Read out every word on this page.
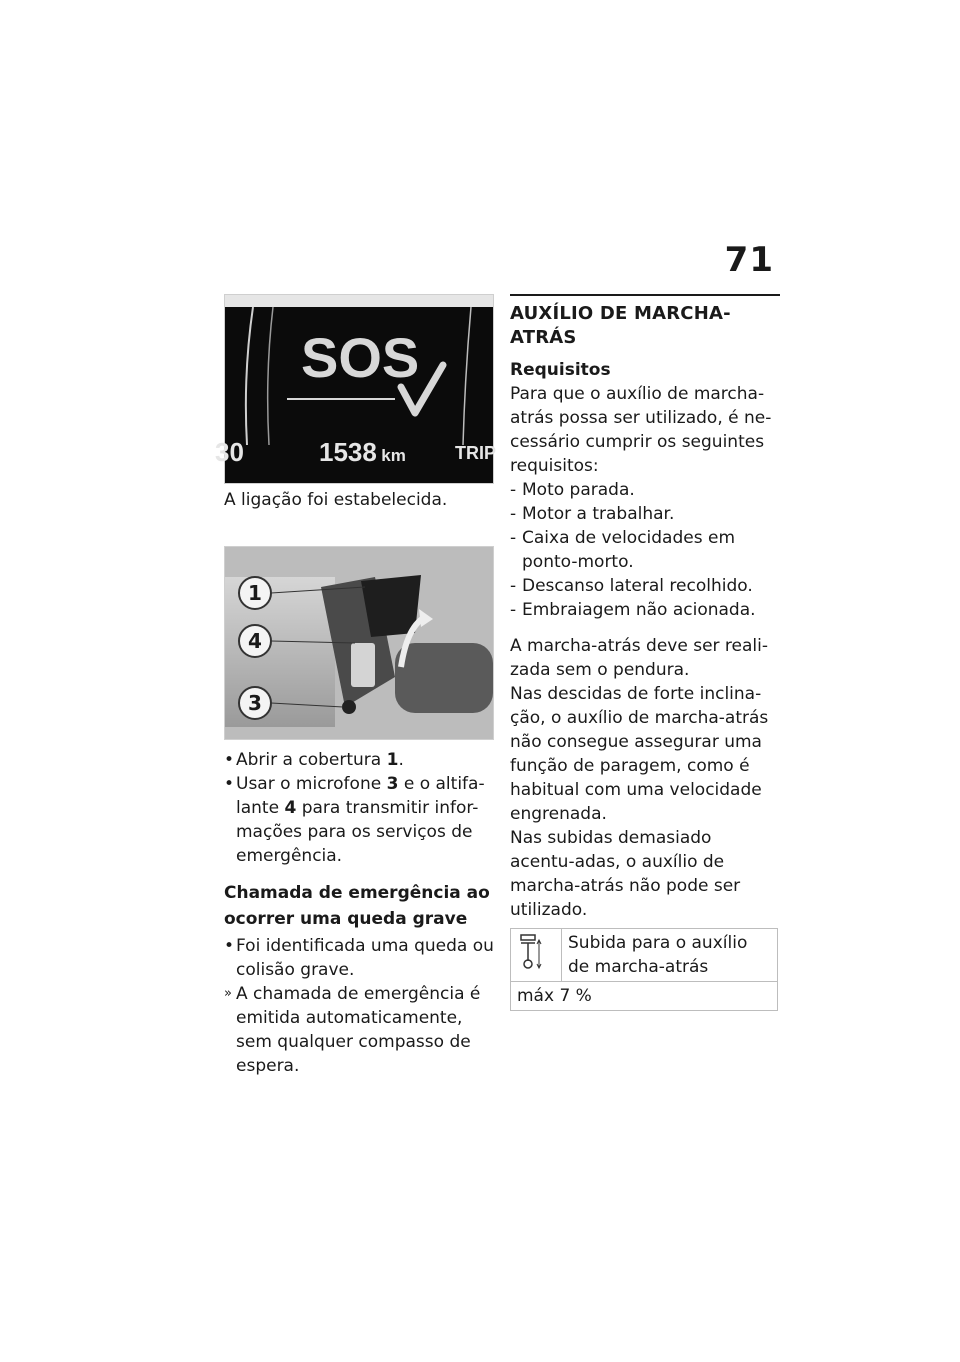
71
SOS
30	1538 km	TRIP

A ligação foi estabelecida.

1
4
3
• Abrir a cobertura 1.
• Usar o microfone 3 e o altifa-lante 4 para transmitir infor-mações para os serviços de emergência.

Chamada de emergência ao ocorrer uma queda grave

• Foi identificada uma queda ou colisão grave.
» A chamada de emergência é emitida automaticamente, sem qualquer compasso de espera.
AUXÍLIO DE MARCHA-ATRÁS

Requisitos

Para que o auxílio de marcha-atrás possa ser utilizado, é ne-cessário cumprir os seguintes requisitos:

- Moto parada.
- Motor a trabalhar.
- Caixa de velocidades em ponto-morto.
- Descanso lateral recolhido.
- Embraiagem não acionada.

A marcha-atrás deve ser reali-zada sem o pendura.

Nas descidas de forte inclina-ção, o auxílio de marcha-atrás não consegue assegurar uma função de paragem, como é habitual com uma velocidade engrenada.

Nas subidas demasiado acentu-adas, o auxílio de marcha-atrás não pode ser utilizado.

	Subida para o auxílio de marcha-atrás
máx 7 %
